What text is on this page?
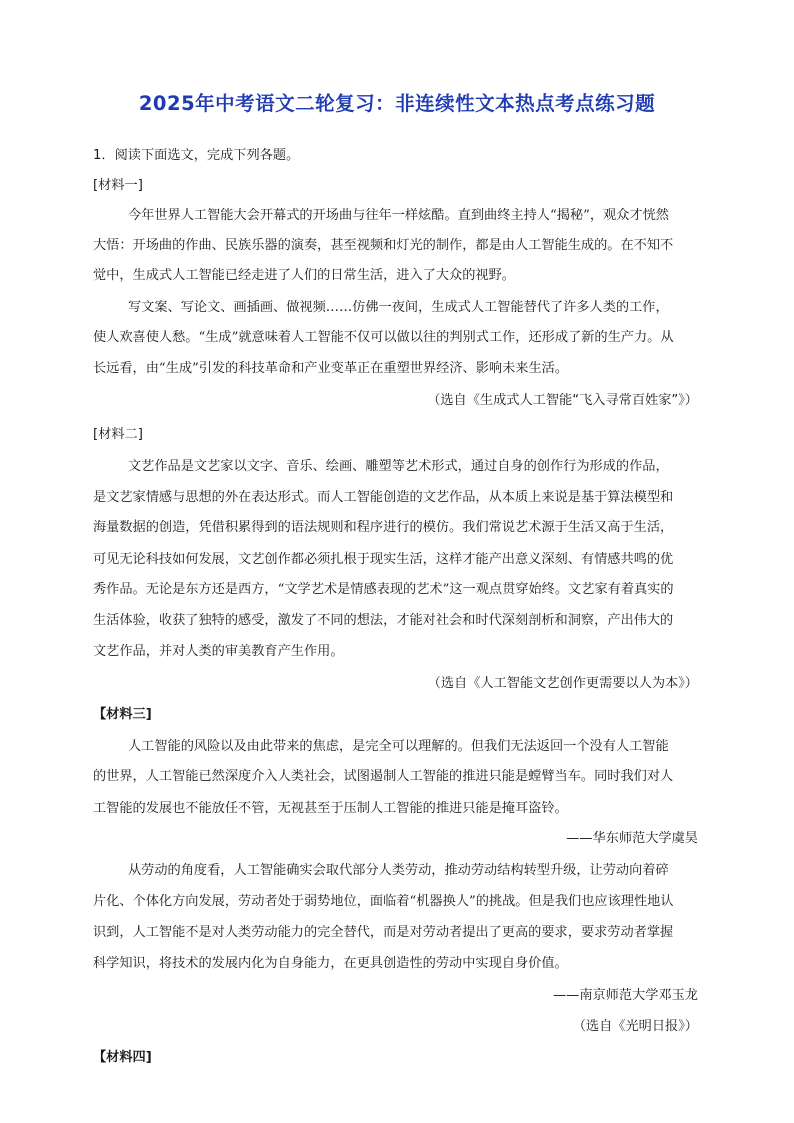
2025年中考语文二轮复习：非连续性文本热点考点练习题
1．阅读下面选文，完成下列各题。
[材料一]
今年世界人工智能大会开幕式的开场曲与往年一样炫酷。直到曲终主持人“揭秘”，观众才恍然
大悟：开场曲的作曲、民族乐器的演奏，甚至视频和灯光的制作，都是由人工智能生成的。在不知不
觉中，生成式人工智能已经走进了人们的日常生活，进入了大众的视野。
写文案、写论文、画插画、做视频……仿佛一夜间，生成式人工智能替代了许多人类的工作，
使人欢喜使人愁。“生成”就意味着人工智能不仅可以做以往的判别式工作，还形成了新的生产力。从
长远看，由“生成”引发的科技革命和产业变革正在重塑世界经济、影响未来生活。
（选自《生成式人工智能“飞入寻常百姓家”》）
[材料二]
文艺作品是文艺家以文字、音乐、绘画、雕塑等艺术形式，通过自身的创作行为形成的作品，
是文艺家情感与思想的外在表达形式。而人工智能创造的文艺作品，从本质上来说是基于算法模型和
海量数据的创造，凭借积累得到的语法规则和程序进行的模仿。我们常说艺术源于生活又高于生活，
可见无论科技如何发展，文艺创作都必须扎根于现实生活，这样才能产出意义深刻、有情感共鸣的优
秀作品。无论是东方还是西方，“文学艺术是情感表现的艺术”这一观点贯穿始终。文艺家有着真实的
生活体验，收获了独特的感受，激发了不同的想法，才能对社会和时代深刻剖析和洞察，产出伟大的
文艺作品，并对人类的审美教育产生作用。
（选自《人工智能文艺创作更需要以人为本》）
【材料三]
人工智能的风险以及由此带来的焦虑，是完全可以理解的。但我们无法返回一个没有人工智能
的世界，人工智能已然深度介入人类社会，试图遏制人工智能的推进只能是螳臂当车。同时我们对人
工智能的发展也不能放任不管，无视甚至于压制人工智能的推进只能是掩耳盗铃。
——华东师范大学虞昊
从劳动的角度看，人工智能确实会取代部分人类劳动，推动劳动结构转型升级，让劳动向着碎
片化、个体化方向发展，劳动者处于弱势地位，面临着“机器换人”的挑战。但是我们也应该理性地认
识到，人工智能不是对人类劳动能力的完全替代，而是对劳动者提出了更高的要求，要求劳动者掌握
科学知识，将技术的发展内化为自身能力，在更具创造性的劳动中实现自身价值。
——南京师范大学邓玉龙
（选自《光明日报》）
【材料四]
